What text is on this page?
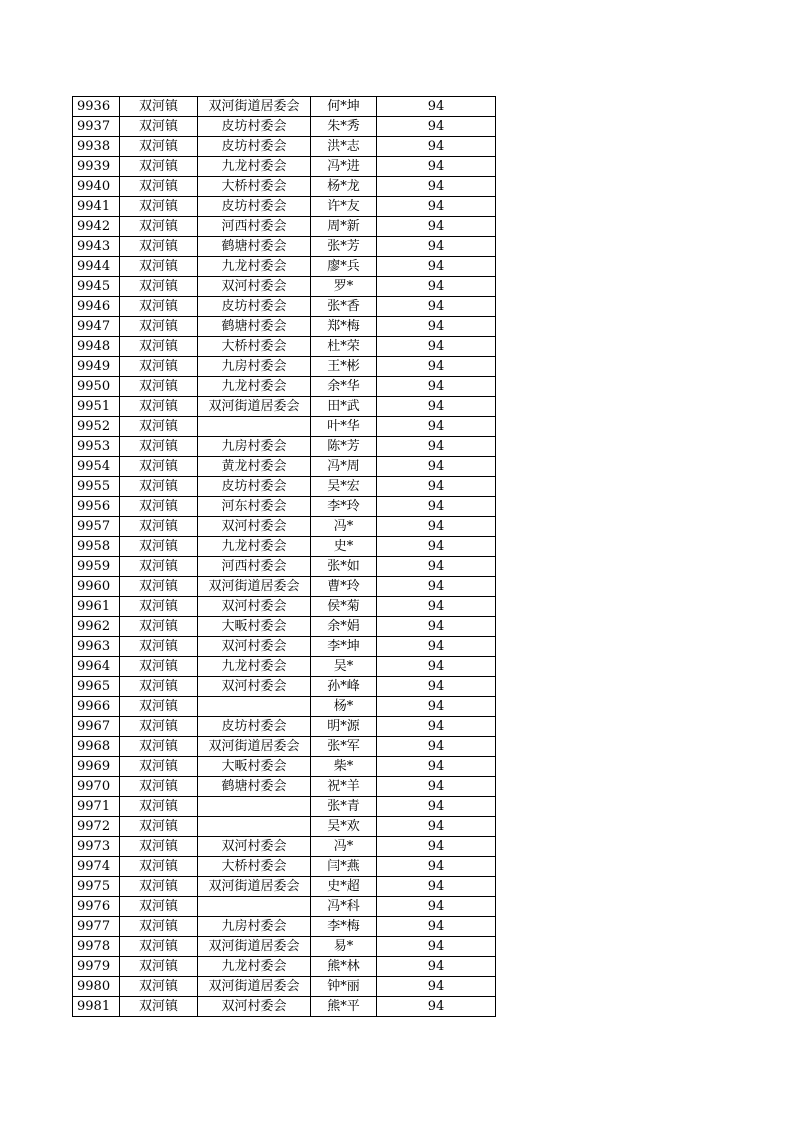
9936	双河镇	双河街道居委会	何*坤	94
9937	双河镇	皮坊村委会	朱*秀	94
9938	双河镇	皮坊村委会	洪*志	94
9939	双河镇	九龙村委会	冯*进	94
9940	双河镇	大桥村委会	杨*龙	94
9941	双河镇	皮坊村委会	许*友	94
9942	双河镇	河西村委会	周*新	94
9943	双河镇	鹤塘村委会	张*芳	94
9944	双河镇	九龙村委会	廖*兵	94
9945	双河镇	双河村委会	罗*	94
9946	双河镇	皮坊村委会	张*香	94
9947	双河镇	鹤塘村委会	郑*梅	94
9948	双河镇	大桥村委会	杜*荣	94
9949	双河镇	九房村委会	王*彬	94
9950	双河镇	九龙村委会	余*华	94
9951	双河镇	双河街道居委会	田*武	94
9952	双河镇		叶*华	94
9953	双河镇	九房村委会	陈*芳	94
9954	双河镇	黄龙村委会	冯*周	94
9955	双河镇	皮坊村委会	吴*宏	94
9956	双河镇	河东村委会	李*玲	94
9957	双河镇	双河村委会	冯*	94
9958	双河镇	九龙村委会	史*	94
9959	双河镇	河西村委会	张*如	94
9960	双河镇	双河街道居委会	曹*玲	94
9961	双河镇	双河村委会	侯*菊	94
9962	双河镇	大畈村委会	余*娟	94
9963	双河镇	双河村委会	李*坤	94
9964	双河镇	九龙村委会	吴*	94
9965	双河镇	双河村委会	孙*峰	94
9966	双河镇		杨*	94
9967	双河镇	皮坊村委会	明*源	94
9968	双河镇	双河街道居委会	张*军	94
9969	双河镇	大畈村委会	柴*	94
9970	双河镇	鹤塘村委会	祝*羊	94
9971	双河镇		张*青	94
9972	双河镇		吴*欢	94
9973	双河镇	双河村委会	冯*	94
9974	双河镇	大桥村委会	闫*燕	94
9975	双河镇	双河街道居委会	史*超	94
9976	双河镇		冯*科	94
9977	双河镇	九房村委会	李*梅	94
9978	双河镇	双河街道居委会	易*	94
9979	双河镇	九龙村委会	熊*林	94
9980	双河镇	双河街道居委会	钟*丽	94
9981	双河镇	双河村委会	熊*平	94
